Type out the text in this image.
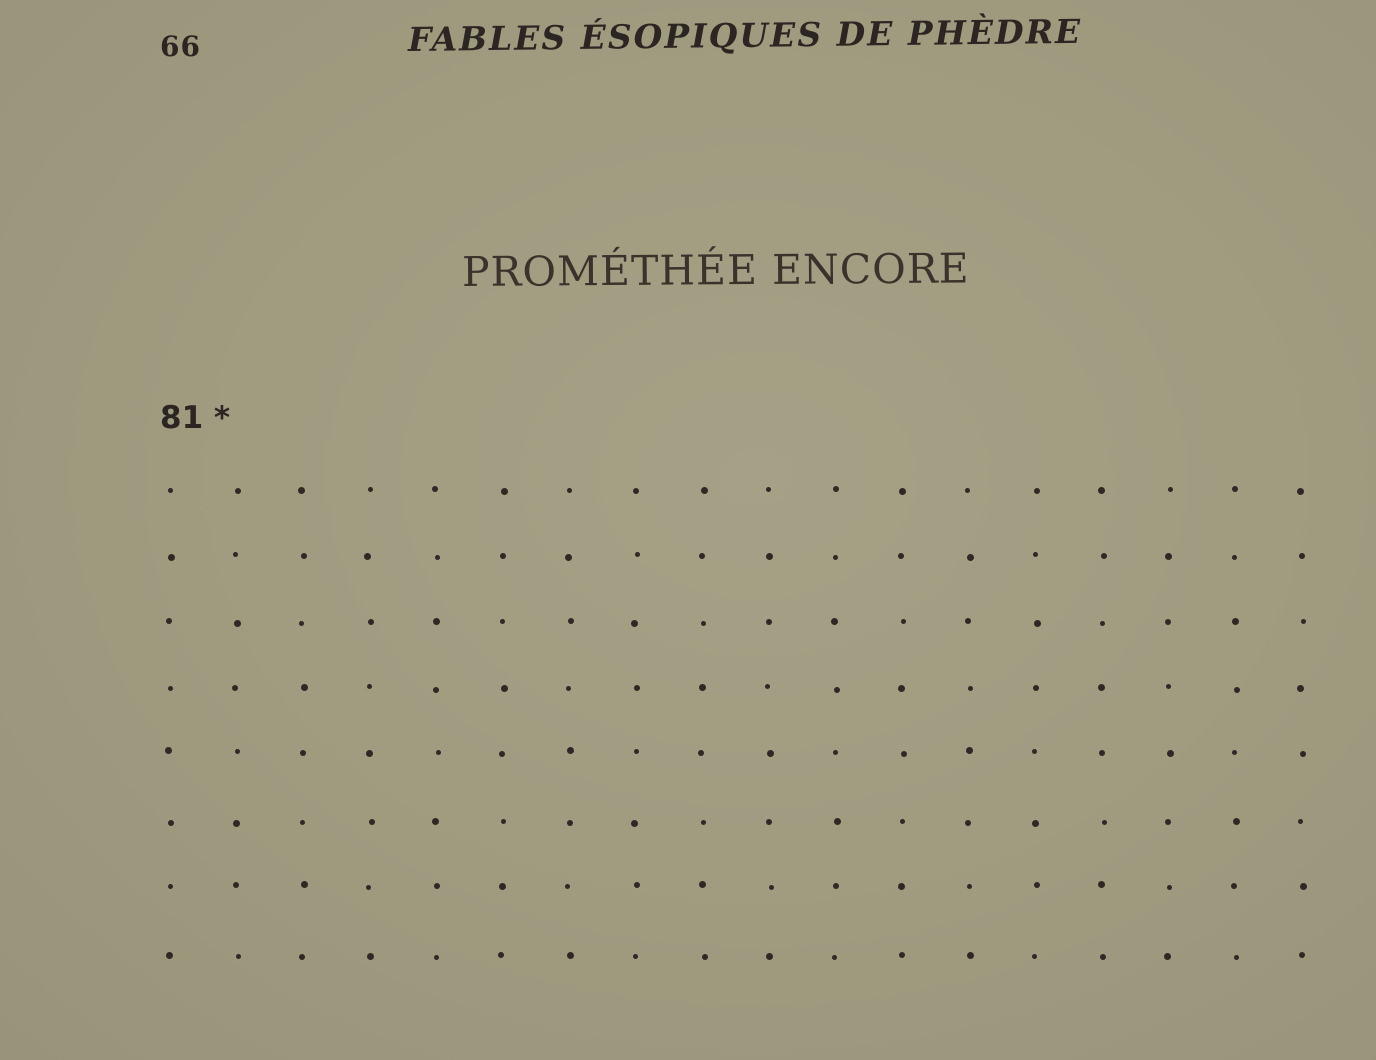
66	FABLES ÉSOPIQUES DE PHÈDRE
PROMÉTHÉE ENCORE
81 *
